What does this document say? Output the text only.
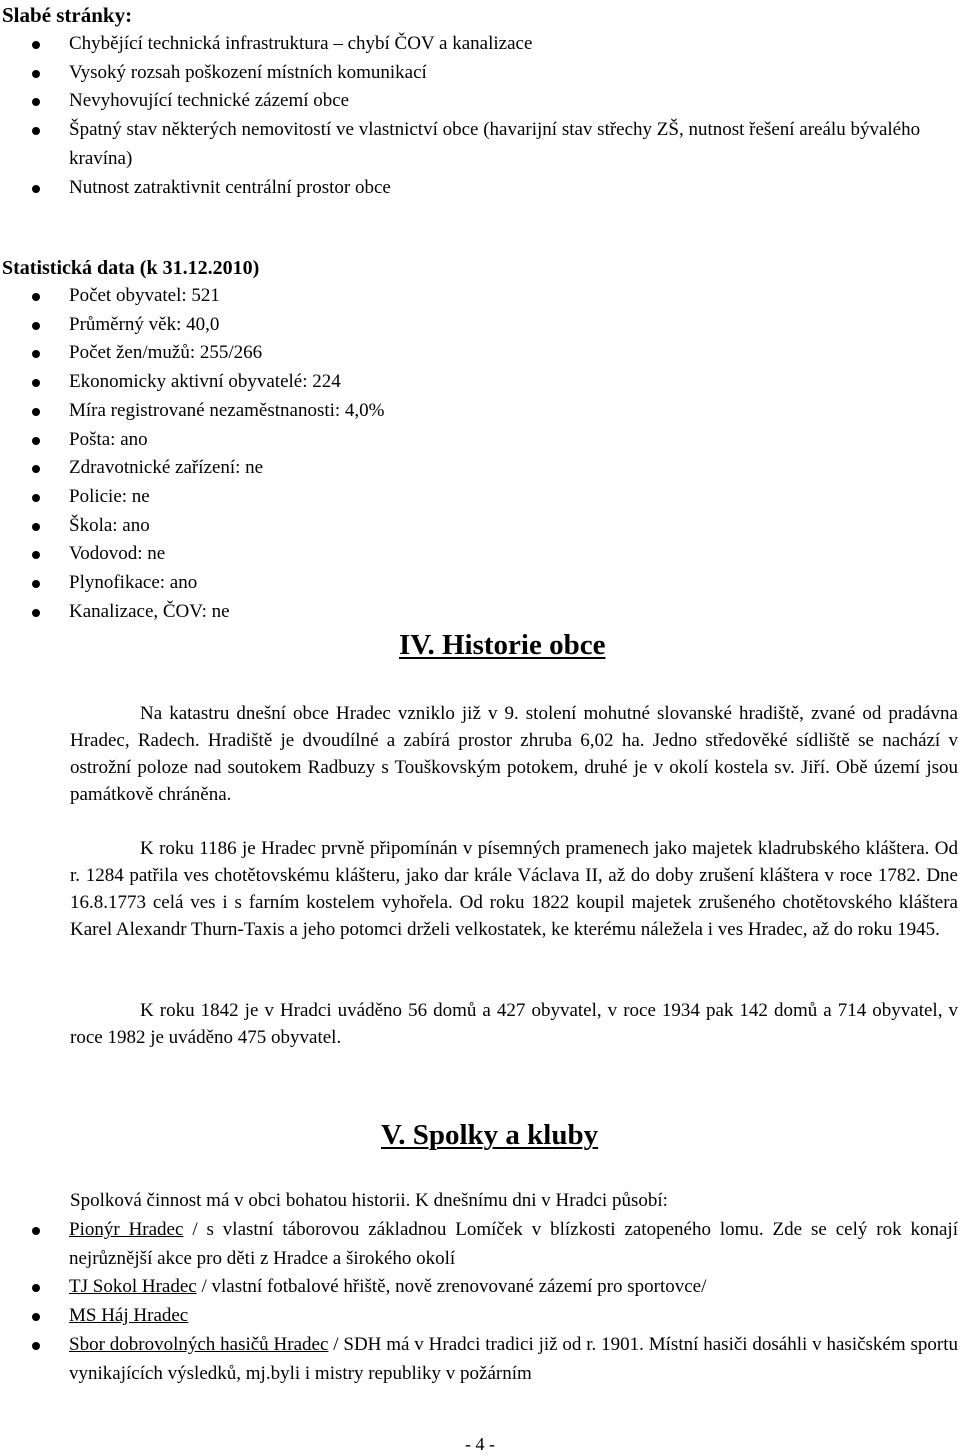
Slabé stránky:
Chybějící technická infrastruktura – chybí ČOV a kanalizace
Vysoký rozsah poškození místních komunikací
Nevyhovující technické zázemí obce
Špatný stav některých nemovitostí ve vlastnictví obce (havarijní stav střechy ZŠ, nutnost řešení areálu bývalého kravína)
Nutnost zatraktivnit centrální prostor obce
Statistická data (k 31.12.2010)
Počet obyvatel: 521
Průměrný věk: 40,0
Počet žen/mužů: 255/266
Ekonomicky aktivní obyvatelé: 224
Míra registrované nezaměstnanosti: 4,0%
Pošta: ano
Zdravotnické zařízení: ne
Policie: ne
Škola: ano
Vodovod: ne
Plynofikace: ano
Kanalizace, ČOV: ne
IV. Historie obce

Na katastru dnešní obce Hradec vzniklo již v 9. stolení mohutné slovanské hradiště, zvané od pradávna Hradec, Radech. Hradiště je dvoudílné a zabírá prostor zhruba 6,02 ha. Jedno středověké sídliště se nachází v ostrožní poloze nad soutokem Radbuzy s Touškovským potokem, druhé je v okolí kostela sv. Jiří. Obě území jsou památkově chráněna.

K roku 1186 je Hradec prvně připomínán v písemných pramenech jako majetek kladrubského kláštera. Od r. 1284 patřila ves chotětovskému klášteru, jako dar krále Václava II, až do doby zrušení kláštera v roce 1782. Dne 16.8.1773 celá ves i s farním kostelem vyhořela. Od roku 1822 koupil majetek zrušeného chotětovského kláštera Karel Alexandr Thurn-Taxis a jeho potomci drželi velkostatek, ke kterému náležela i ves Hradec, až do roku 1945.

K roku 1842 je v Hradci uváděno 56 domů a 427 obyvatel, v roce 1934 pak 142 domů a 714 obyvatel, v roce 1982 je uváděno 475 obyvatel.

V. Spolky a kluby

Spolková činnost má v obci bohatou historii. K dnešnímu dni v Hradci působí:

Pionýr Hradec / s vlastní táborovou základnou Lomíček v blízkosti zatopeného lomu. Zde se celý rok konají nejrůznější akce pro děti z Hradce a širokého okolí
TJ Sokol Hradec / vlastní fotbalové hřiště, nově zrenovované zázemí pro sportovce/
MS Háj Hradec
Sbor dobrovolných hasičů Hradec / SDH má v Hradci tradici již od r. 1901. Místní hasiči dosáhli v hasičském sportu vynikajících výsledků, mj.byli i mistry republiky v požárním
- 4 -
